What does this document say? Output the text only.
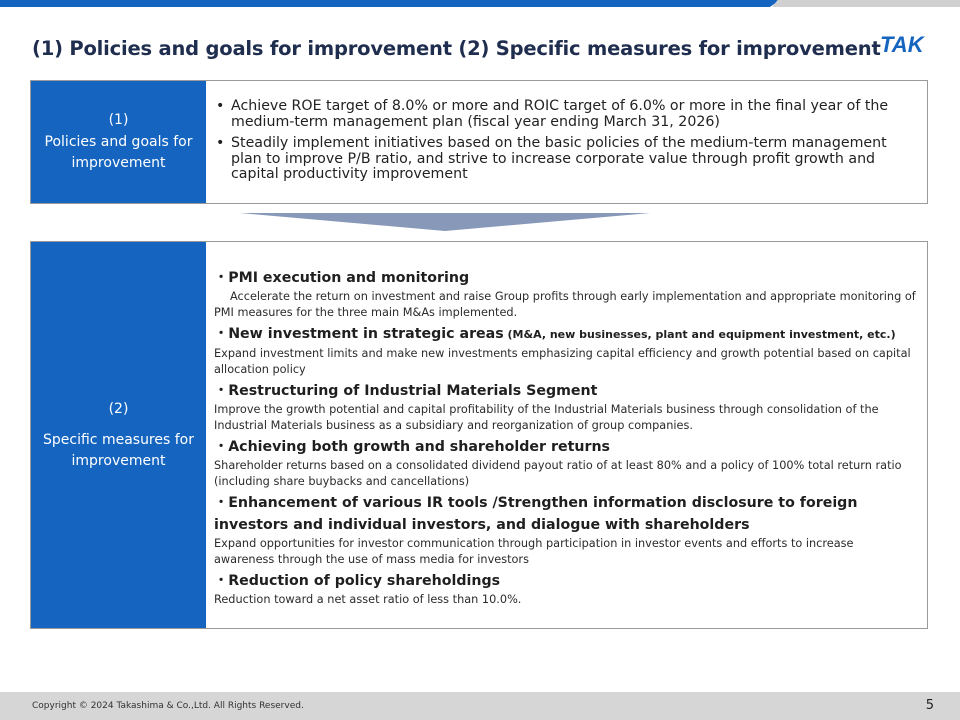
(1) Policies and goals for improvement (2) Specific measures for improvement TAK
(1)
Policies and goals for improvement
• Achieve ROE target of 8.0% or more and ROIC target of 6.0% or more in the final year of the medium-term management plan (fiscal year ending March 31, 2026)
• Steadily implement initiatives based on the basic policies of the medium-term management plan to improve P/B ratio, and strive to increase corporate value through profit growth and capital productivity improvement
(2)
Specific measures for improvement
・PMI execution and monitoring
Accelerate the return on investment and raise Group profits through early implementation and appropriate monitoring of PMI measures for the three main M&As implemented.
・New investment in strategic areas (M&A, new businesses, plant and equipment investment, etc.)
Expand investment limits and make new investments emphasizing capital efficiency and growth potential based on capital allocation policy
・Restructuring of Industrial Materials Segment
Improve the growth potential and capital profitability of the Industrial Materials business through consolidation of the Industrial Materials business as a subsidiary and reorganization of group companies.
・Achieving both growth and shareholder returns
Shareholder returns based on a consolidated dividend payout ratio of at least 80% and a policy of 100% total return ratio (including share buybacks and cancellations)
・Enhancement of various IR tools /Strengthen information disclosure to foreign investors and individual investors, and dialogue with shareholders
Expand opportunities for investor communication through participation in investor events and efforts to increase awareness through the use of mass media for investors
・Reduction of policy shareholdings
Reduction toward a net asset ratio of less than 10.0%.
Copyright © 2024 Takashima & Co.,Ltd. All Rights Reserved.	5
